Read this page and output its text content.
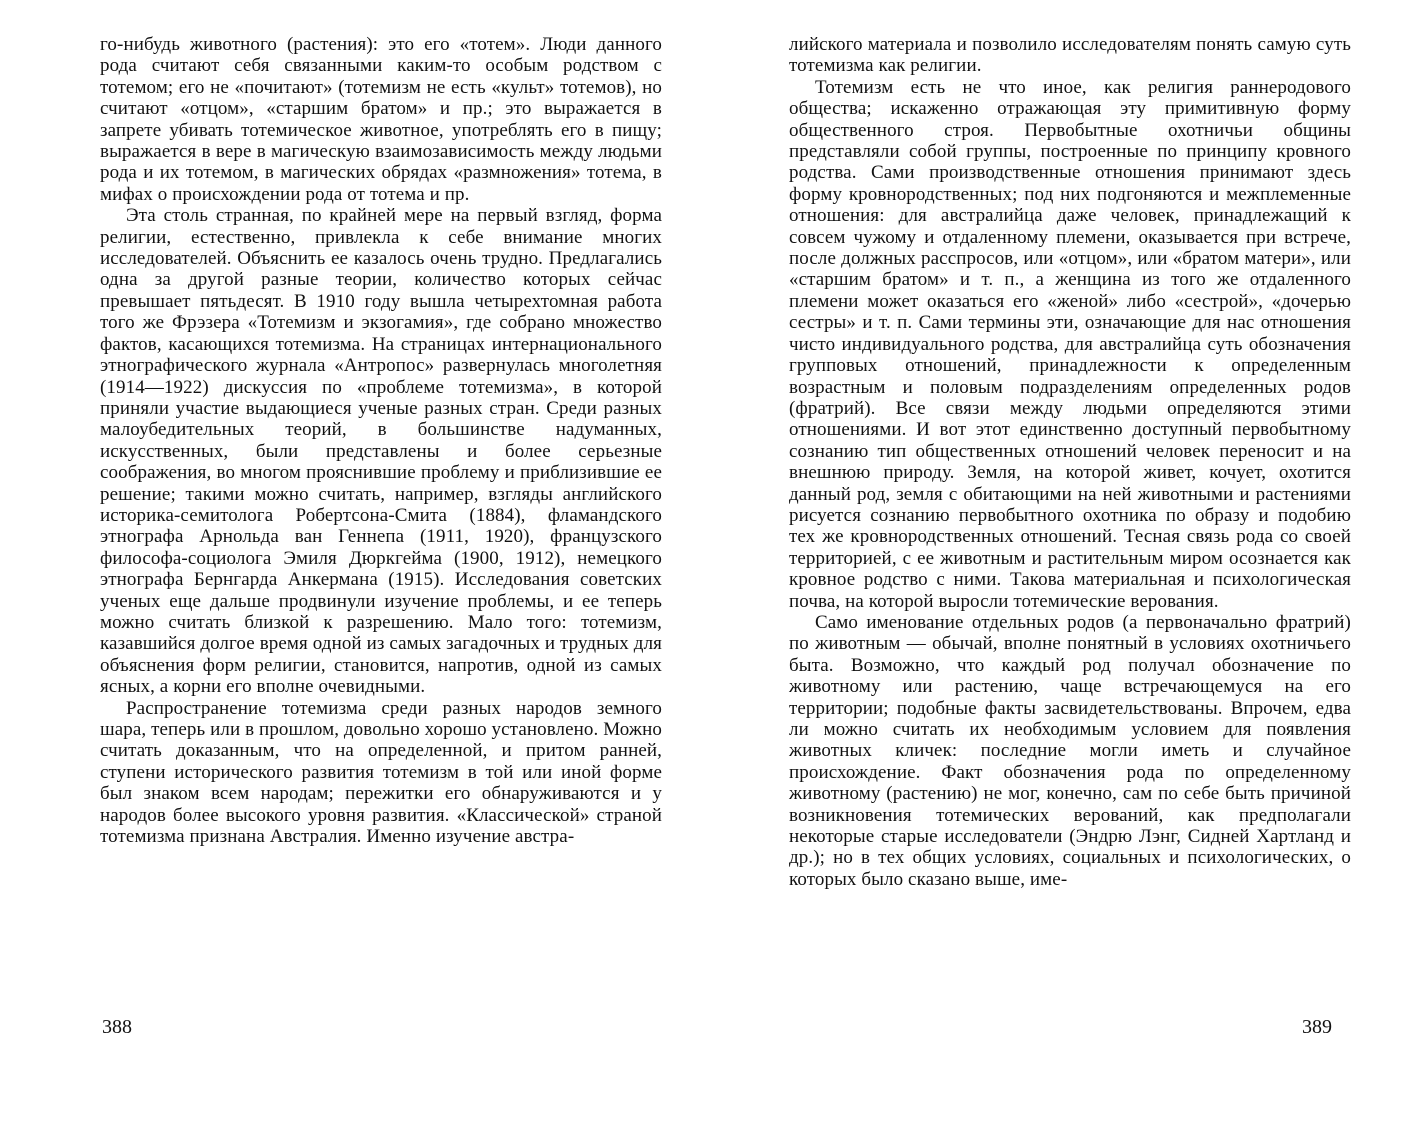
го-нибудь животного (растения): это его «тотем». Люди данного рода считают себя связанными каким-то особым родством с тотемом; его не «почитают» (тотемизм не есть «культ» тотемов), но считают «отцом», «старшим братом» и пр.; это выражается в запрете убивать тотемическое животное, употреблять его в пищу; выражается в вере в магическую взаимозависимость между людьми рода и их тотемом, в магических обрядах «размножения» тотема, в мифах о происхождении рода от тотема и пр.

Эта столь странная, по крайней мере на первый взгляд, форма религии, естественно, привлекла к себе внимание многих исследователей. Объяснить ее казалось очень трудно. Предлагались одна за другой разные теории, количество которых сейчас превышает пятьдесят. В 1910 году вышла четырехтомная работа того же Фрэзера «Тотемизм и экзогамия», где собрано множество фактов, касающихся тотемизма. На страницах интернационального этнографического журнала «Антропос» развернулась многолетняя (1914—1922) дискуссия по «проблеме тотемизма», в которой приняли участие выдающиеся ученые разных стран. Среди разных малоубедительных теорий, в большинстве надуманных, искусственных, были представлены и более серьезные соображения, во многом прояснившие проблему и приблизившие ее решение; такими можно считать, например, взгляды английского историка-семитолога Робертсона-Смита (1884), фламандского этнографа Арнольда ван Геннепа (1911, 1920), французского философа-социолога Эмиля Дюркгейма (1900, 1912), немецкого этнографа Бернгарда Анкермана (1915). Исследования советских ученых еще дальше продвинули изучение проблемы, и ее теперь можно считать близкой к разрешению. Мало того: тотемизм, казавшийся долгое время одной из самых загадочных и трудных для объяснения форм религии, становится, напротив, одной из самых ясных, а корни его вполне очевидными.

Распространение тотемизма среди разных народов земного шара, теперь или в прошлом, довольно хорошо установлено. Можно считать доказанным, что на определенной, и притом ранней, ступени исторического развития тотемизм в той или иной форме был знаком всем народам; пережитки его обнаруживаются и у народов более высокого уровня развития. «Классической» страной тотемизма признана Австралия. Именно изучение австра-

388

лийского материала и позволило исследователям понять самую суть тотемизма как религии.

Тотемизм есть не что иное, как религия раннеродового общества; искаженно отражающая эту примитивную форму общественного строя. Первобытные охотничьи общины представляли собой группы, построенные по принципу кровного родства. Сами производственные отношения принимают здесь форму кровнородственных; под них подгоняются и межплеменные отношения: для австралийца даже человек, принадлежащий к совсем чужому и отдаленному племени, оказывается при встрече, после должных расспросов, или «отцом», или «братом матери», или «старшим братом» и т. п., а женщина из того же отдаленного племени может оказаться его «женой» либо «сестрой», «дочерью сестры» и т. п. Сами термины эти, означающие для нас отношения чисто индивидуального родства, для австралийца суть обозначения групповых отношений, принадлежности к определенным возрастным и половым подразделениям определенных родов (фратрий). Все связи между людьми определяются этими отношениями. И вот этот единственно доступный первобытному сознанию тип общественных отношений человек переносит и на внешнюю природу. Земля, на которой живет, кочует, охотится данный род, земля с обитающими на ней животными и растениями рисуется сознанию первобытного охотника по образу и подобию тех же кровнородственных отношений. Тесная связь рода со своей территорией, с ее животным и растительным миром осознается как кровное родство с ними. Такова материальная и психологическая почва, на которой выросли тотемические верования.

Само именование отдельных родов (а первоначально фратрий) по животным — обычай, вполне понятный в условиях охотничьего быта. Возможно, что каждый род получал обозначение по животному или растению, чаще встречающемуся на его территории; подобные факты засвидетельствованы. Впрочем, едва ли можно считать их необходимым условием для появления животных кличек: последние могли иметь и случайное происхождение. Факт обозначения рода по определенному животному (растению) не мог, конечно, сам по себе быть причиной возникновения тотемических верований, как предполагали некоторые старые исследователи (Эндрю Лэнг, Сидней Хартланд и др.); но в тех общих условиях, социальных и психологических, о которых было сказано выше, име-

389
